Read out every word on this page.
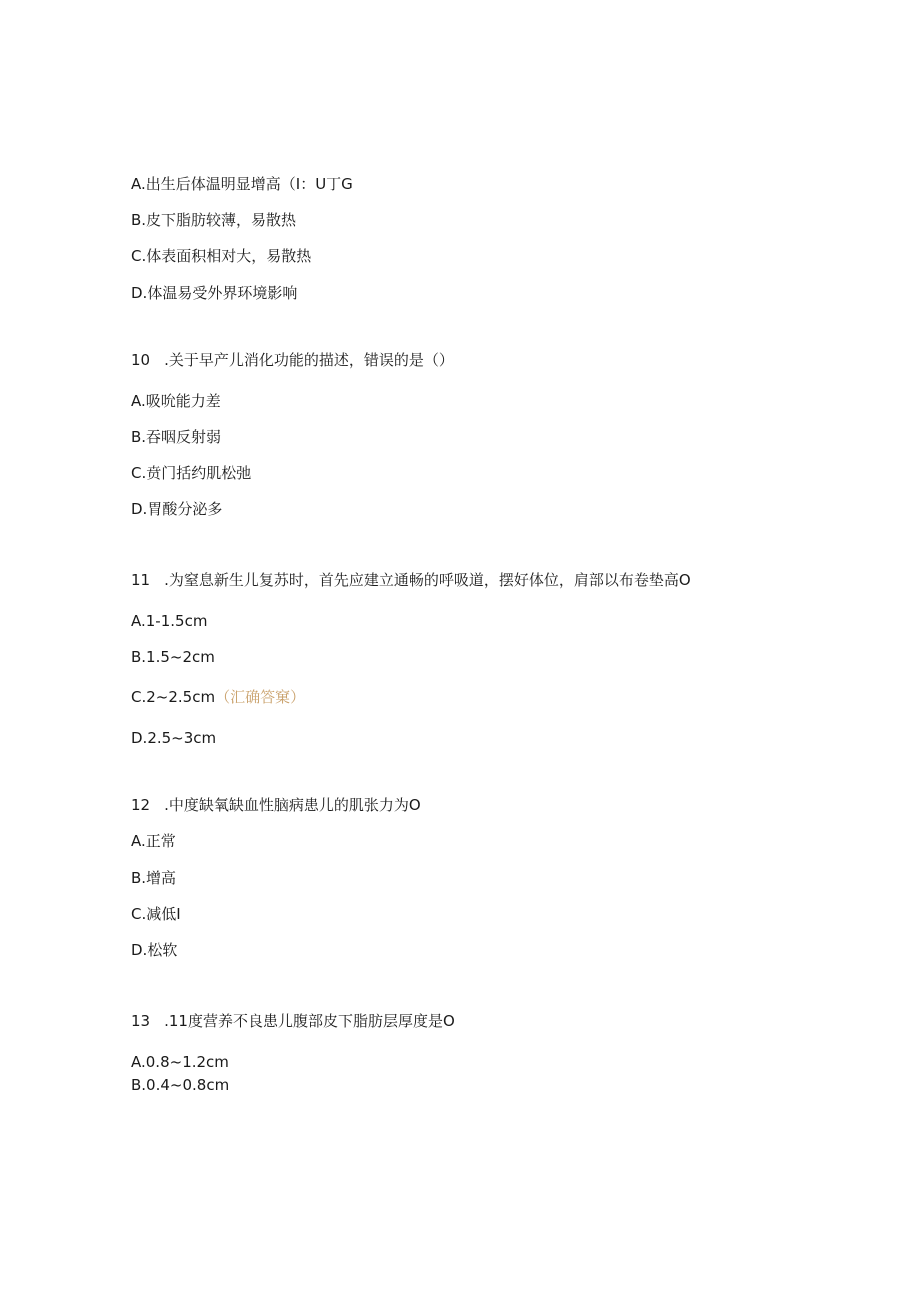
A.出生后体温明显增高（I：U丁G
B.皮下脂肪较薄，易散热
C.体表面积相对大，易散热
D.体温易受外界环境影响
10 .关于早产儿消化功能的描述，错误的是（）
A.吸吮能力差
B.吞咽反射弱
C.贲门括约肌松弛
D.胃酸分泌多
11 .为窒息新生儿复苏时，首先应建立通畅的呼吸道，摆好体位，肩部以布卷垫高O
A.1-1.5cm
B.1.5~2cm
C.2~2.5cm（汇确答窠）
D.2.5~3cm
12 .中度缺氧缺血性脑病患儿的肌张力为O
A.正常
B.增高
C.减低I
D.松软
13 .11度营养不良患儿腹部皮下脂肪层厚度是O
A.0.8~1.2cm
B.0.4~0.8cm
